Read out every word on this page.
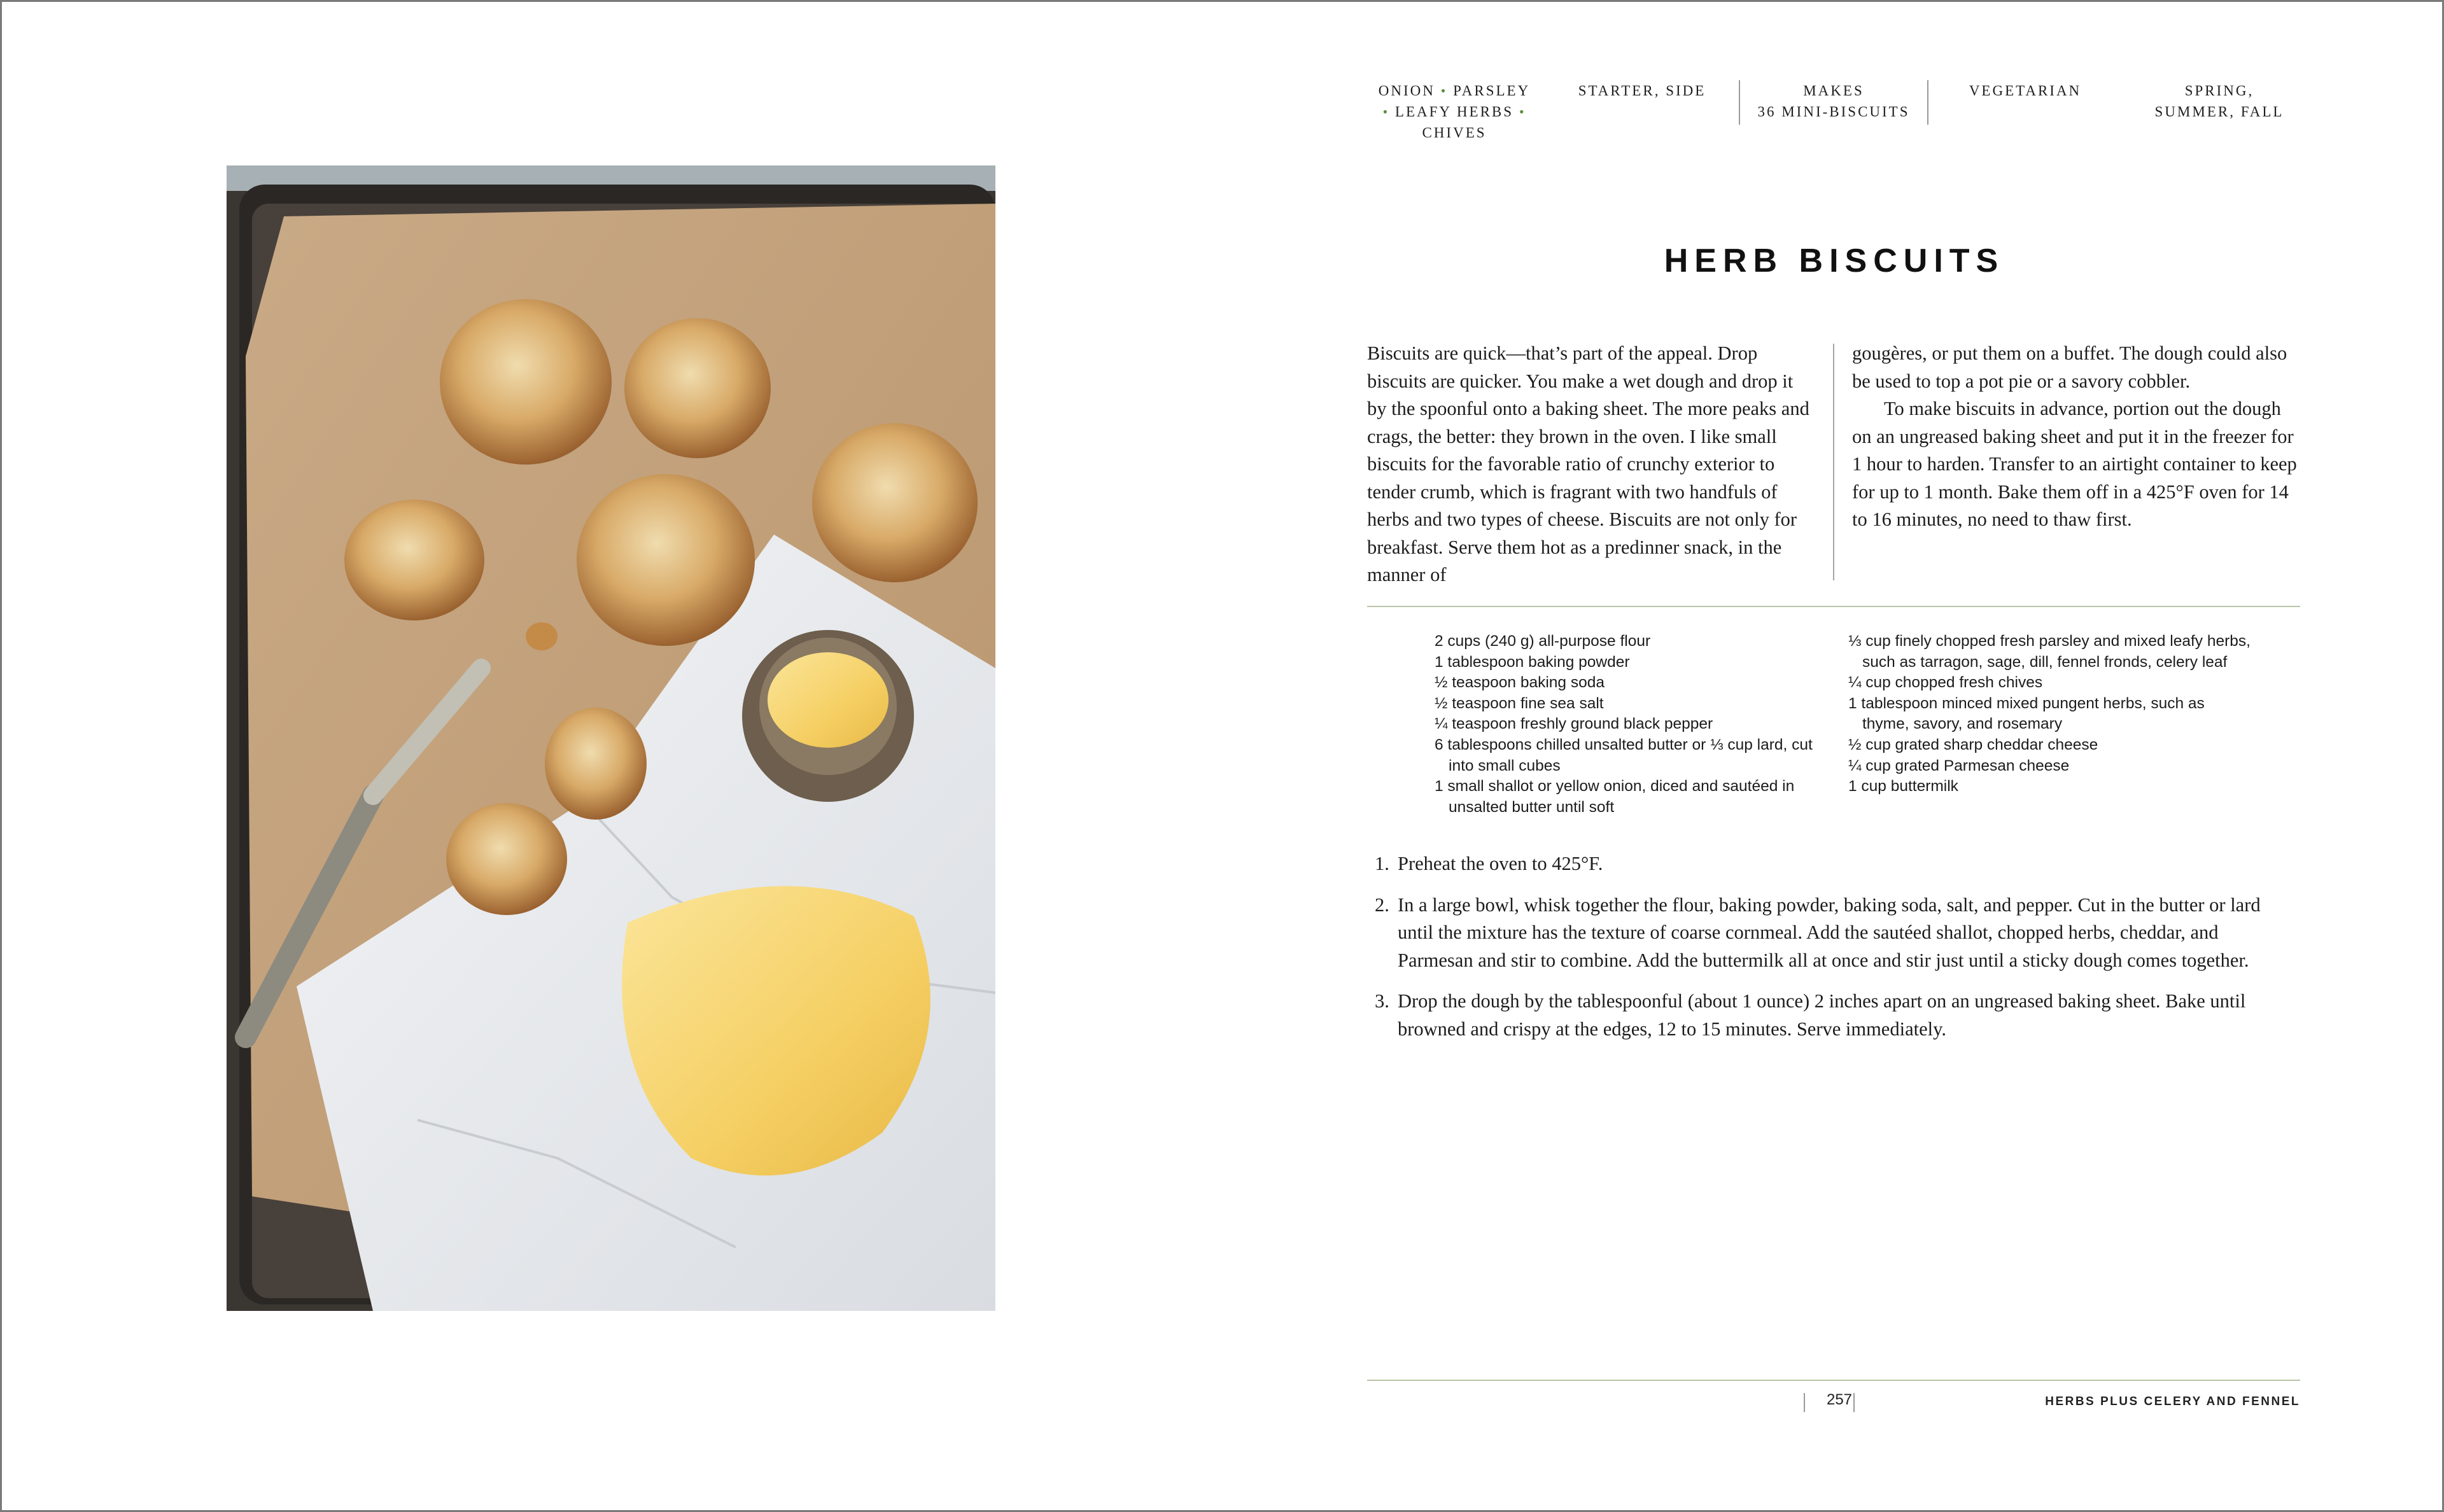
ONION • PARSLEY
• LEAFY HERBS •
CHIVES
STARTER, SIDE	MAKES
36 MINI-BISCUITS
VEGETARIAN	SPRING,
SUMMER, FALL
HERB BISCUITS

Biscuits are quick—that’s part of the appeal. Drop biscuits are quicker. You make a wet dough and drop it by the spoonful onto a baking sheet. The more peaks and crags, the better: they brown in the oven. I like small biscuits for the favorable ratio of crunchy exterior to tender crumb, which is fragrant with two handfuls of herbs and two types of cheese. Biscuits are not only for breakfast. Serve them hot as a predinner snack, in the manner of

gougères, or put them on a buffet. The dough could also be used to top a pot pie or a savory cobbler.

To make biscuits in advance, portion out the dough on an ungreased baking sheet and put it in the freezer for 1 hour to harden. Transfer to an airtight container to keep for up to 1 month. Bake them off in a 425°F oven for 14 to 16 minutes, no need to thaw first.

2 cups (240 g) all-purpose flour
1 tablespoon baking powder
½ teaspoon baking soda
½ teaspoon fine sea salt
¼ teaspoon freshly ground black pepper
6 tablespoons chilled unsalted butter or ⅓ cup lard, cut into small cubes
1 small shallot or yellow onion, diced and sautéed in unsalted butter until soft
⅓ cup finely chopped fresh parsley and mixed leafy herbs, such as tarragon, sage, dill, fennel fronds, celery leaf
¼ cup chopped fresh chives
1 tablespoon minced mixed pungent herbs, such as thyme, savory, and rosemary
½ cup grated sharp cheddar cheese
¼ cup grated Parmesan cheese
1 cup buttermilk
1. Preheat the oven to 425°F.

2. In a large bowl, whisk together the flour, baking powder, baking soda, salt, and pepper. Cut in the butter or lard until the mixture has the texture of coarse cornmeal. Add the sautéed shallot, chopped herbs, cheddar, and Parmesan and stir to combine. Add the buttermilk all at once and stir just until a sticky dough comes together.

3. Drop the dough by the tablespoonful (about 1 ounce) 2 inches apart on an ungreased baking sheet. Bake until browned and crispy at the edges, 12 to 15 minutes. Serve immediately.

257	HERBS PLUS CELERY AND FENNEL
